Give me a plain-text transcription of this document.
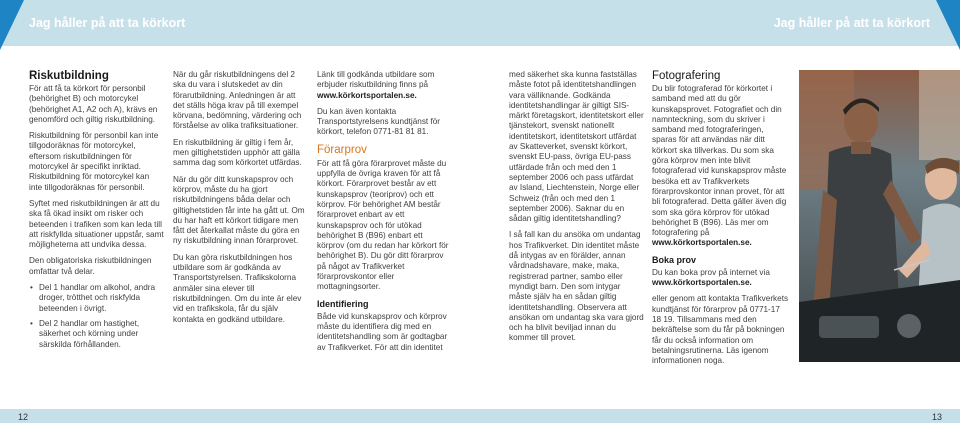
Jag håller på att ta körkort
Riskutbildning

För att få ta körkort för personbil (behörighet B) och motorcykel (behörighet A1, A2 och A), krävs en genomförd och giltig riskutbildning.

Riskutbildning för personbil kan inte tillgodoräknas för motorcykel, eftersom riskutbildningen för motorcykel är specifikt inriktad. Riskutbildning för motorcykel kan inte tillgodoräknas för personbil.

Syftet med riskutbildningen är att du ska få ökad insikt om risker och beteenden i trafiken som kan leda till att riskfyllda situationer uppstår, samt möjligheterna att undvika dessa.

Den obligatoriska riskutbildningen omfattar två delar.

• Del 1 handlar om alkohol, andra droger, trötthet och riskfylda beteenden i övrigt.
• Del 2 handlar om hastighet, säkerhet och körning under särskilda förhållanden.

När du går riskutbildningens del 2 ska du vara i slutskedet av din förarutbildning. Anledningen är att det ställs höga krav på till exempel körvana, bedömning, värdering och förståelse av olika trafiksituationer.

En riskutbildning är giltig i fem år, men giltighetstiden upphör att gälla samma dag som körkortet utfärdas.

När du gör ditt kunskapsprov och körprov, måste du ha gjort riskutbildningens båda delar och giltighetstiden får inte ha gått ut. Om du har haft ett körkort tidigare men fått det återkallat måste du göra en ny riskutbildning innan förarprovet.

Du kan göra riskutbildningen hos utbildare som är godkända av Transportstyrelsen. Trafikskolorna anmäler sina elever till riskutbildningen. Om du inte är elev vid en trafikskola, får du själv kontakta en godkänd utbildare.

Länk till godkända utbildare som erbjuder riskutbildning finns på www.körkortsportalen.se.

Du kan även kontakta Transportstyrelsens kundtjänst för körkort, telefon 0771-81 81 81.

Förarprov

För att få göra förarprovet måste du uppfylla de övriga kraven för att få körkort. Förarprovet består av ett kunskapsprov (teoriprov) och ett körprov. För behörighet AM består förarprovet enbart av ett kunskapsprov och för utökad behörighet B (B96) enbart ett körprov (om du redan har körkort för behörighet B). Du gör ditt förarprov på något av Trafikverket förarprovskontor eller mottagningsorter.

Identifiering

Både vid kunskapsprov och körprov måste du identifiera dig med en identitetshandling som är godtagbar av Trafikverket. För att din identitet

12
Jag håller på att ta körkort

med säkerhet ska kunna fastställas måste fotot på identitetshandlingen vara välliknande. Godkända identitetshandlingar är giltigt SIS-märkt företagskort, identitetskort eller tjänstekort, svenskt nationellt identitetskort, identitetskort utfärdat av Skatteverket, svenskt körkort, svenskt EU-pass, övriga EU-pass utfärdade från och med den 1 september 2006 och pass utfärdat av Island, Liechtenstein, Norge eller Schweiz (från och med den 1 september 2006). Saknar du en sådan giltig identitetshandling?

I så fall kan du ansöka om undantag hos Trafikverket. Din identitet måste då intygas av en förälder, annan vårdnadshavare, make, maka, registrerad partner, sambo eller myndigt barn. Den som intygar måste själv ha en sådan giltig identitetshandling. Observera att ansökan om undantag ska vara gjord och ha blivit beviljad innan du kommer till provet.

Fotografering

Du blir fotograferad för körkortet i samband med att du gör kunskapsprovet. Fotografiet och din namnteckning, som du skriver i samband med fotograferingen, sparas för att användas när ditt körkort ska tillverkas. Du som ska göra körprov men inte blivit fotograferad vid kunskapsprov måste besöka ett av Trafikverkets förarprovskontor innan provet, för att bli fotograferad. Detta gäller även dig som ska göra körprov för utökad behörighet B (B96). Läs mer om fotografering på www.körkortsportalen.se.

Boka prov

Du kan boka prov på internet via www.körkortsportalen.se.

eller genom att kontakta Trafikverkets kundtjänst för förarprov på 0771-17 18 19. Tillsammans med den bekräftelse som du får på bokningen får du också information om betalningsrutinerna. Läs igenom informationen noga.

13
